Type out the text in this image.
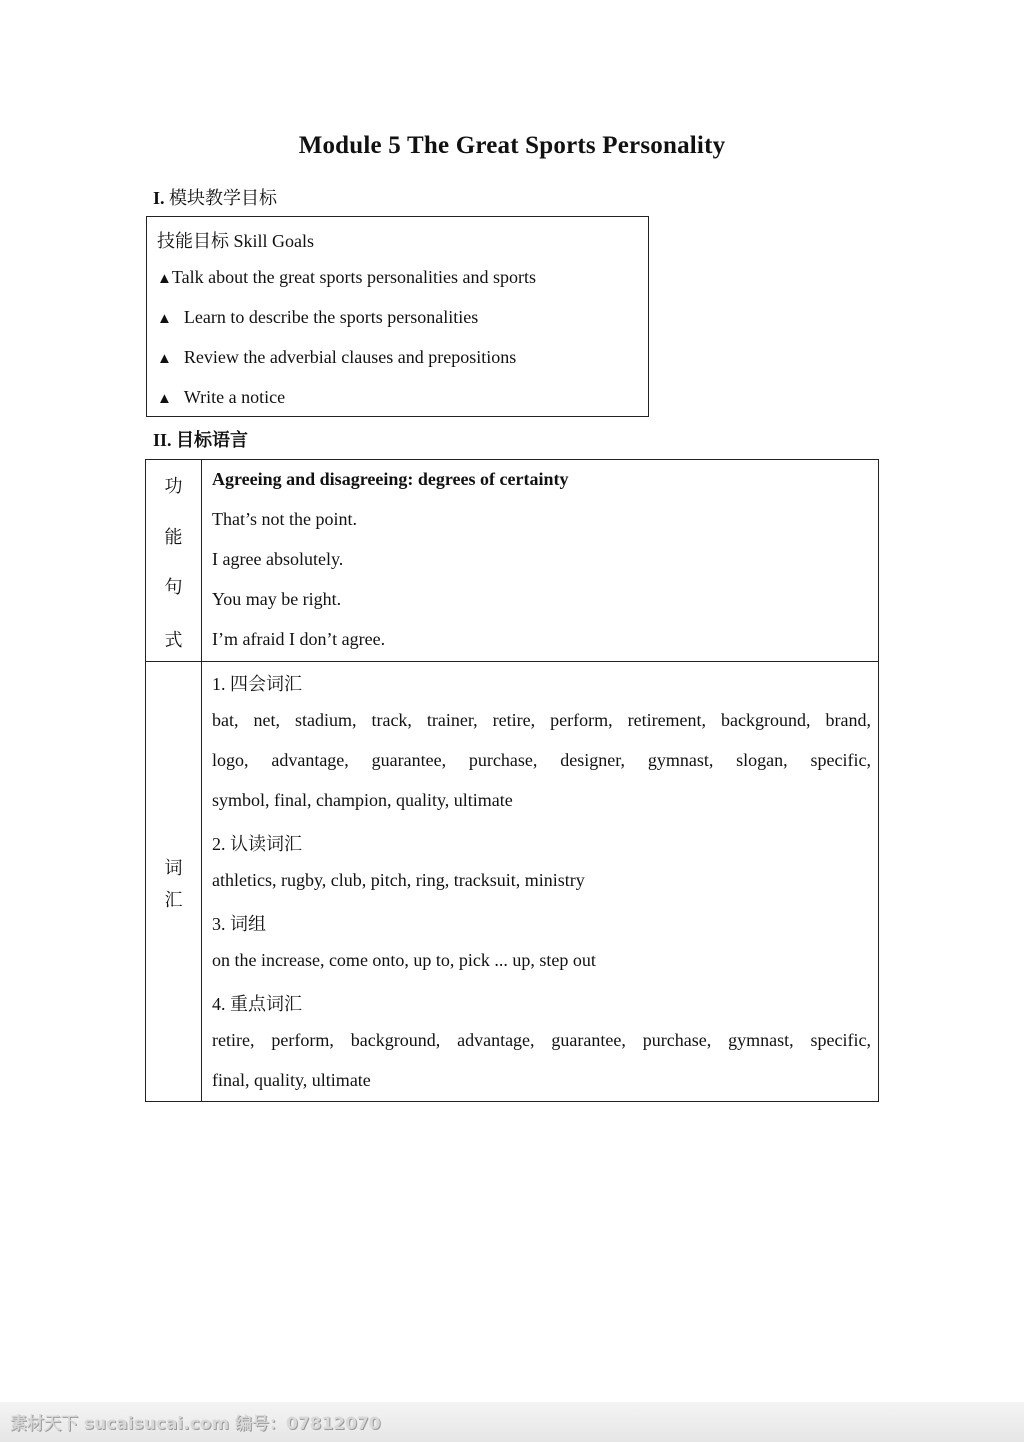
Module 5 The Great Sports Personality
I. 模块教学目标
技能目标 Skill Goals
▲Talk about the great sports personalities and sports
▲ Learn to describe the sports personalities
▲ Review the adverbial clauses and prepositions
▲ Write a notice
II. 目标语言
功
能
句
式
Agreeing and disagreeing: degrees of certainty
That’s not the point.
I agree absolutely.
You may be right.
I’m afraid I don’t agree.
词
汇
1. 四会词汇
bat, net, stadium, track, trainer, retire, perform, retirement, background, brand,
logo, advantage, guarantee, purchase, designer, gymnast, slogan, specific,
symbol, final, champion, quality, ultimate
2. 认读词汇
athletics, rugby, club, pitch, ring, tracksuit, ministry
3. 词组
on the increase, come onto, up to, pick ... up, step out
4. 重点词汇
retire, perform, background, advantage, guarantee, purchase, gymnast, specific,
final, quality, ultimate
素材天下 sucaisucai.com 编号：07812070
